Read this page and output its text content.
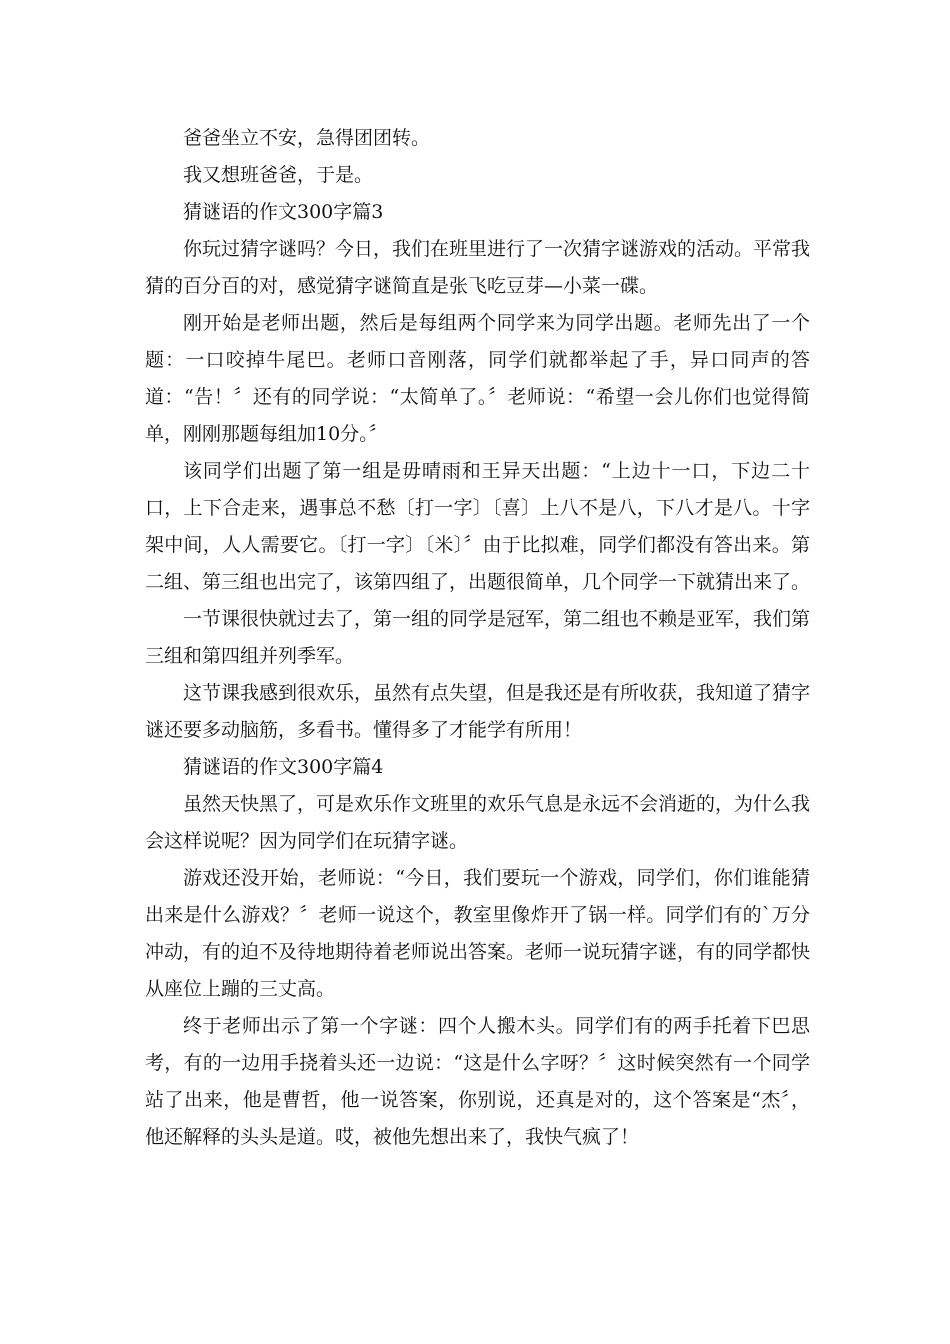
爸爸坐立不安，急得团团转。

我又想班爸爸，于是。

猜谜语的作文300字篇3

你玩过猜字谜吗？今日，我们在班里进行了一次猜字谜游戏的活动。平常我猜的百分百的对，感觉猜字谜简直是张飞吃豆芽—小菜一碟。

刚开始是老师出题，然后是每组两个同学来为同学出题。老师先出了一个题：一口咬掉牛尾巴。老师口音刚落，同学们就都举起了手，异口同声的答道：“告！〞还有的同学说：“太简单了。〞老师说：“希望一会儿你们也觉得简单，刚刚那题每组加10分。〞

该同学们出题了第一组是毋晴雨和王异天出题：“上边十一口，下边二十口，上下合走来，遇事总不愁〔打一字〕〔喜〕上八不是八，下八才是八。十字架中间，人人需要它。〔打一字〕〔米〕〞由于比拟难，同学们都没有答出来。第二组、第三组也出完了，该第四组了，出题很简单，几个同学一下就猜出来了。

一节课很快就过去了，第一组的同学是冠军，第二组也不赖是亚军，我们第三组和第四组并列季军。

这节课我感到很欢乐，虽然有点失望，但是我还是有所收获，我知道了猜字谜还要多动脑筋，多看书。懂得多了才能学有所用！

猜谜语的作文300字篇4

虽然天快黑了，可是欢乐作文班里的欢乐气息是永远不会消逝的，为什么我会这样说呢？因为同学们在玩猜字谜。

游戏还没开始，老师说：“今日，我们要玩一个游戏，同学们，你们谁能猜出来是什么游戏？〞老师一说这个，教室里像炸开了锅一样。同学们有的`万分冲动，有的迫不及待地期待着老师说出答案。老师一说玩猜字谜，有的同学都快从座位上蹦的三丈高。

终于老师出示了第一个字谜：四个人搬木头。同学们有的两手托着下巴思考，有的一边用手挠着头还一边说：“这是什么字呀？〞这时候突然有一个同学站了出来，他是曹哲，他一说答案，你别说，还真是对的，这个答案是“杰〞，他还解释的头头是道。哎，被他先想出来了，我快气疯了！
